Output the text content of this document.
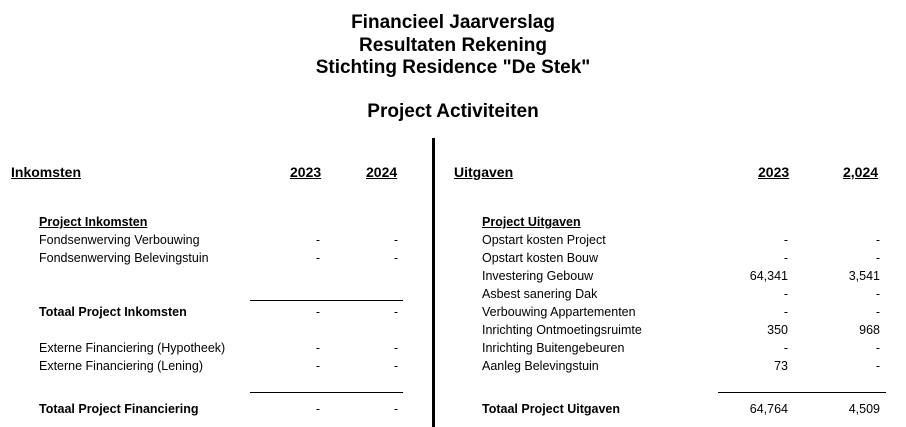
Financieel Jaarverslag
Resultaten Rekening
Stichting Residence "De Stek"
Project Activiteiten
Inkomsten	2023	2024
Project Inkomsten
Fondsenwerving Verbouwing	-	-
Fondsenwerving Belevingstuin	-	-
Totaal Project Inkomsten	-	-
Externe Financiering (Hypotheek)	-	-
Externe Financiering (Lening)	-	-
Totaal Project Financiering	-	-
Uitgaven	2023	2,024
Project Uitgaven
Opstart kosten Project	-	-
Opstart kosten Bouw	-	-
Investering Gebouw	64,341	3,541
Asbest sanering Dak	-	-
Verbouwing Appartementen	-	-
Inrichting Ontmoetingsruimte	350	968
Inrichting Buitengebeuren	-	-
Aanleg Belevingstuin	73	-
Totaal Project Uitgaven	64,764	4,509
